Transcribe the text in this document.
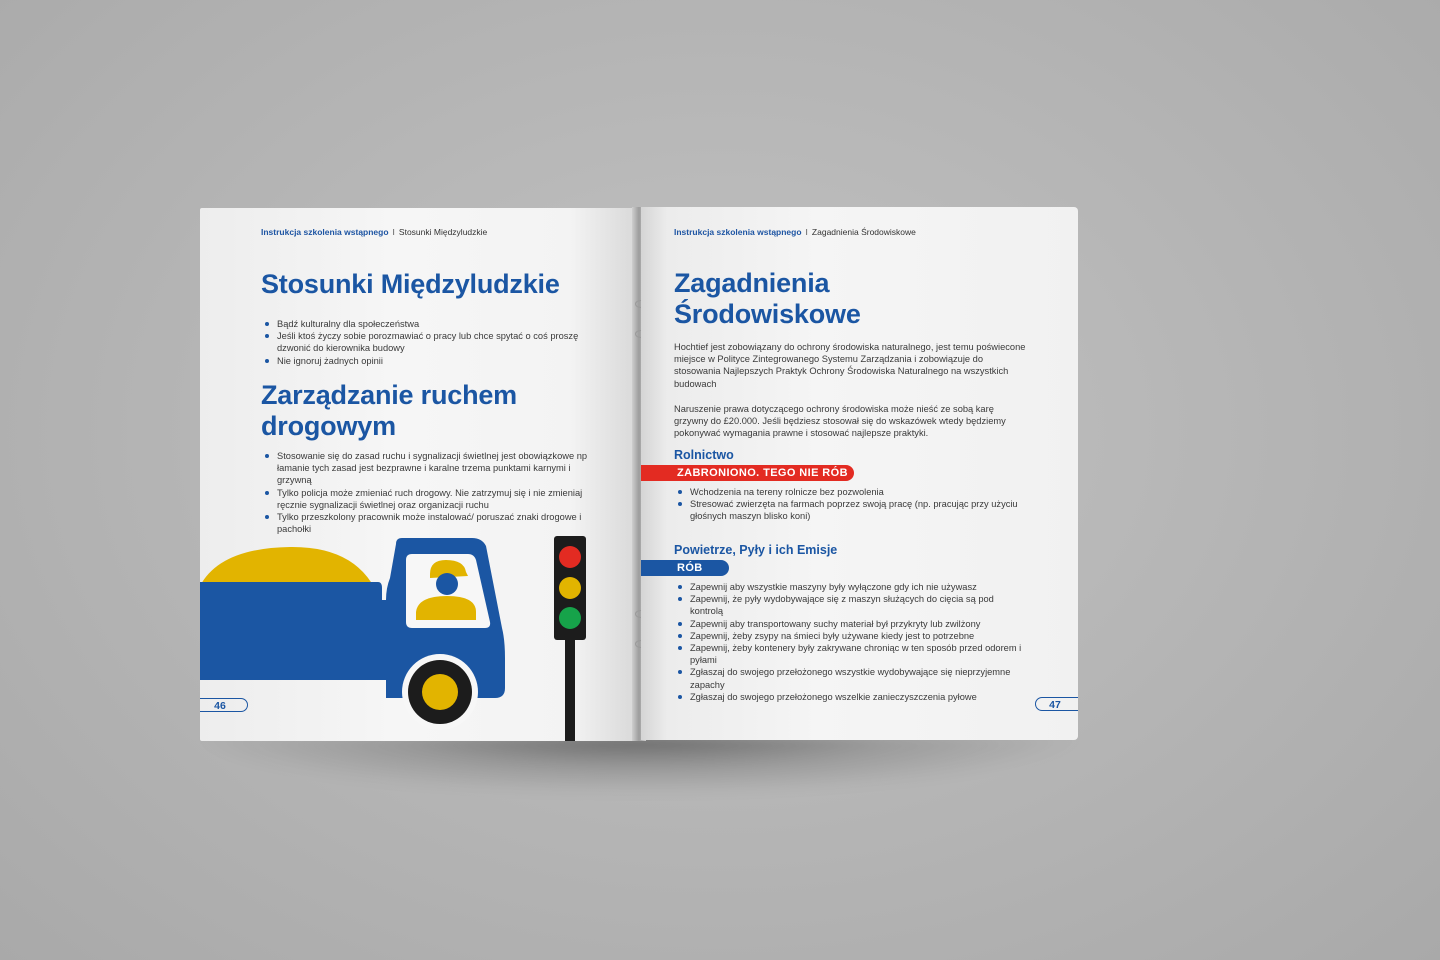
Instrukcja szkolenia wstąpnego I Stosunki Międzyludzkie
Stosunki Międzyludzkie
Bądź kulturalny dla społeczeństwa
Jeśli ktoś życzy sobie porozmawiać o pracy lub chce spytać o coś proszę dzwonić do kierownika budowy
Nie ignoruj żadnych opinii
Zarządzanie ruchem
drogowym
Stosowanie się do zasad ruchu i sygnalizacji świetlnej jest obowiązkowe np łamanie tych zasad jest bezprawne i karalne trzema punktami karnymi i grzywną
Tylko policja może zmieniać ruch drogowy. Nie zatrzymuj się i nie zmieniaj ręcznie sygnalizacji świetlnej oraz organizacji ruchu
Tylko przeszkolony pracownik może instalować/ poruszać znaki drogowe i pachołki
46
Instrukcja szkolenia wstąpnego I Zagadnienia Środowiskowe
Zagadnienia
Środowiskowe

Hochtief jest zobowiązany do ochrony środowiska naturalnego, jest temu poświecone miejsce w Polityce Zintegrowanego Systemu Zarządzania i zobowiązuje do stosowania Najlepszych Praktyk Ochrony Środowiska Naturalnego na wszystkich budowach

Naruszenie prawa dotyczącego ochrony środowiska może nieść ze sobą karę grzywny do £20.000. Jeśli będziesz stosował się do wskazówek wtedy będziemy pokonywać wymagania prawne i stosować najlepsze praktyki.

Rolnictwo
ZABRONIONO. TEGO NIE RÓB
Wchodzenia na tereny rolnicze bez pozwolenia
Stresować zwierzęta na farmach poprzez swoją pracę (np. pracując przy użyciu głośnych maszyn blisko koni)
Powietrze, Pyły i ich Emisje
RÓB
Zapewnij aby wszystkie maszyny były wyłączone gdy ich nie używasz
Zapewnij, że pyły wydobywające się z maszyn służących do cięcia są pod kontrolą
Zapewnij aby transportowany suchy materiał był przykryty lub zwilżony
Zapewnij, żeby zsypy na śmieci były używane kiedy jest to potrzebne
Zapewnij, żeby kontenery były zakrywane chroniąc w ten sposób przed odorem i pyłami
Zgłaszaj do swojego przełożonego wszystkie wydobywające się nieprzyjemne zapachy
Zgłaszaj do swojego przełożonego wszelkie zanieczyszczenia pyłowe
47
